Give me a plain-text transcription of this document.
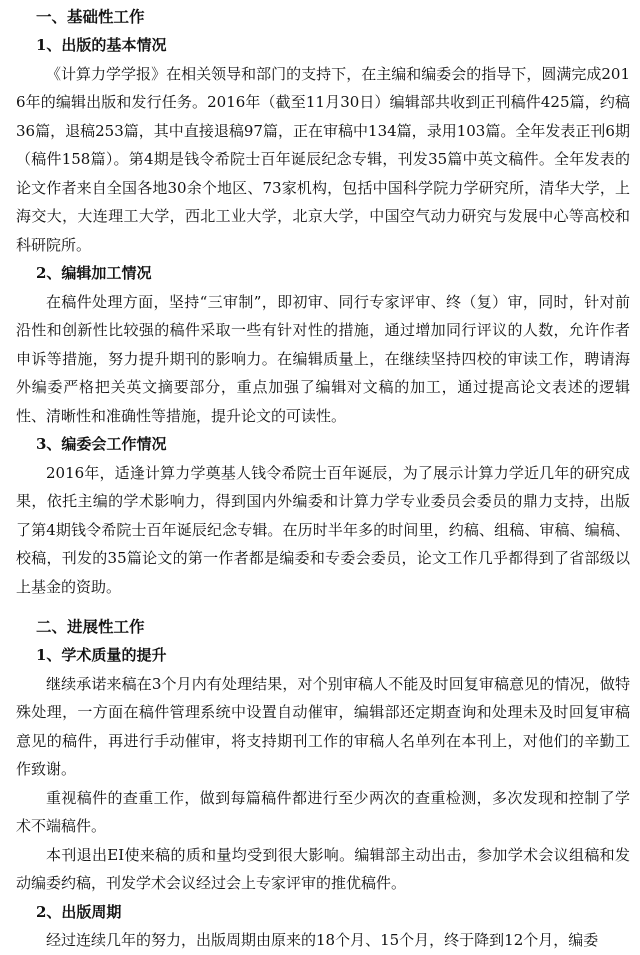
一、基础性工作
1、出版的基本情况

《计算力学学报》在相关领导和部门的支持下，在主编和编委会的指导下，圆满完成2016年的编辑出版和发行任务。2016年（截至11月30日）编辑部共收到正刊稿件425篇，约稿36篇，退稿253篇，其中直接退稿97篇，正在审稿中134篇，录用103篇。全年发表正刊6期（稿件158篇）。第4期是钱令希院士百年诞辰纪念专辑，刊发35篇中英文稿件。全年发表的论文作者来自全国各地30余个地区、73家机构，包括中国科学院力学研究所，清华大学，上海交大，大连理工大学，西北工业大学，北京大学，中国空气动力研究与发展中心等高校和科研院所。

2、编辑加工情况

在稿件处理方面，坚持“三审制”，即初审、同行专家评审、终（复）审，同时，针对前沿性和创新性比较强的稿件采取一些有针对性的措施，通过增加同行评议的人数，允许作者申诉等措施，努力提升期刊的影响力。在编辑质量上，在继续坚持四校的审读工作，聘请海外编委严格把关英文摘要部分，重点加强了编辑对文稿的加工，通过提高论文表述的逻辑性、清晰性和准确性等措施，提升论文的可读性。

3、编委会工作情况

2016年，适逢计算力学奠基人钱令希院士百年诞辰，为了展示计算力学近几年的研究成果，依托主编的学术影响力，得到国内外编委和计算力学专业委员会委员的鼎力支持，出版了第4期钱令希院士百年诞辰纪念专辑。在历时半年多的时间里，约稿、组稿、审稿、编稿、校稿，刊发的35篇论文的第一作者都是编委和专委会委员，论文工作几乎都得到了省部级以上基金的资助。

二、进展性工作
1、学术质量的提升

继续承诺来稿在3个月内有处理结果，对个别审稿人不能及时回复审稿意见的情况，做特殊处理，一方面在稿件管理系统中设置自动催审，编辑部还定期查询和处理未及时回复审稿意见的稿件，再进行手动催审，将支持期刊工作的审稿人名单列在本刊上，对他们的辛勤工作致谢。

重视稿件的查重工作，做到每篇稿件都进行至少两次的查重检测，多次发现和控制了学术不端稿件。

本刊退出EI使来稿的质和量均受到很大影响。编辑部主动出击，参加学术会议组稿和发动编委约稿，刊发学术会议经过会上专家评审的推优稿件。

2、出版周期

经过连续几年的努力，出版周期由原来的18个月、15个月，终于降到12个月，编委
